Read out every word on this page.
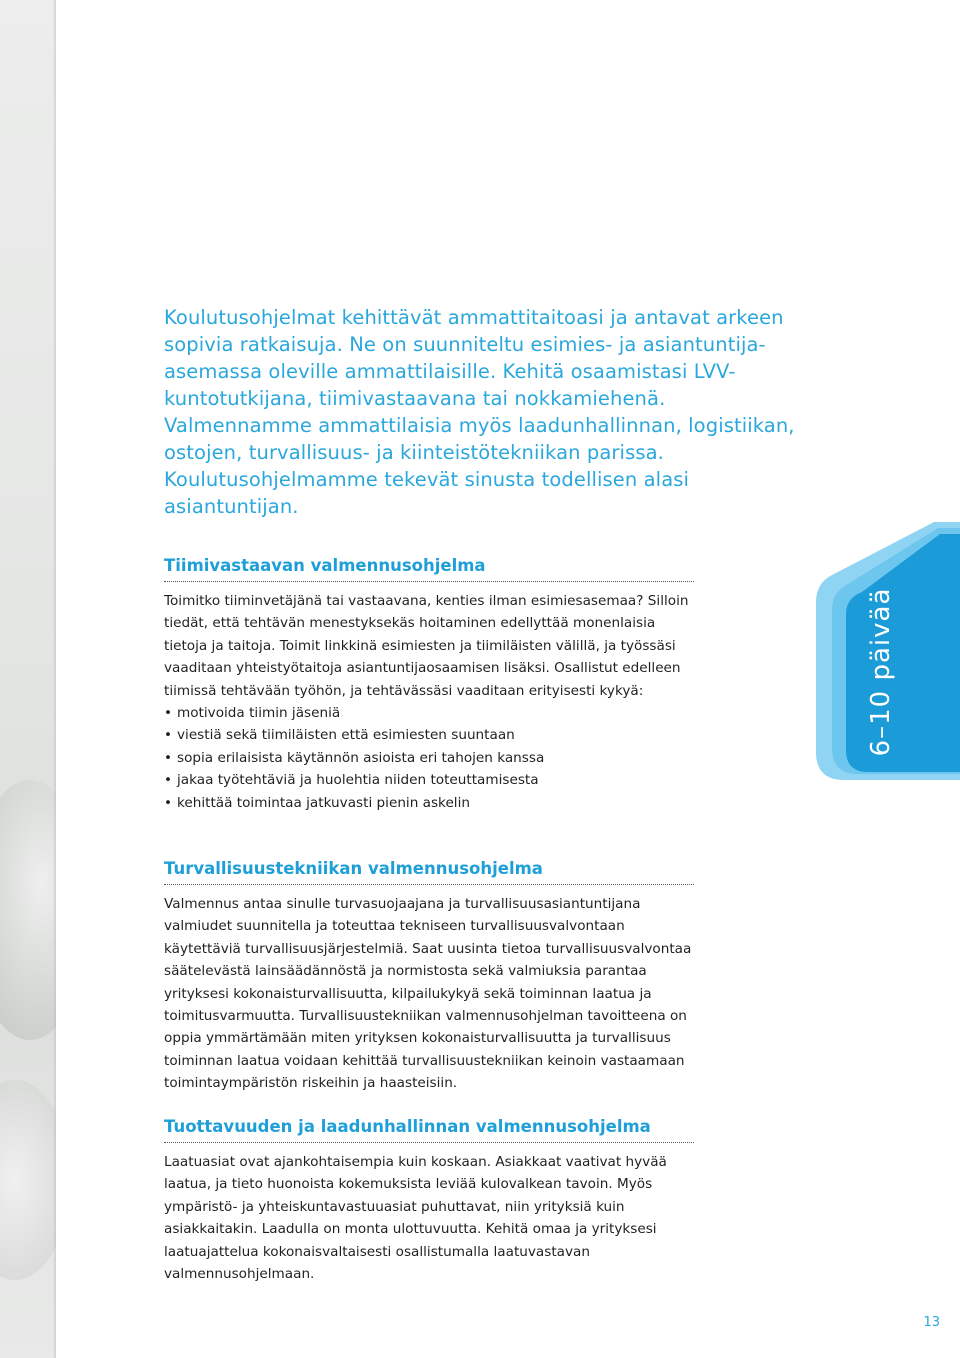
Koulutusohjelmat kehittävät ammattitaitoasi ja antavat arkeen sopivia ratkaisuja. Ne on suunniteltu esimies- ja asiantuntija-asemassa oleville ammattilaisille. Kehitä osaamistasi LVV-kuntotutkijana, tiimivastaavana tai nokkamiehenä. Valmennamme ammattilaisia myös laadunhallinnan, logistiikan, ostojen, turvallisuus- ja kiinteistötekniikan parissa. Koulutusohjelmamme tekevät sinusta todellisen alasi asiantuntijan.

Tiimivastaavan valmennusohjelma
Toimitko tiiminvetäjänä tai vastaavana, kenties ilman esimiesasemaa? Silloin tiedät, että tehtävän menestyksekäs hoitaminen edellyttää monenlaisia tietoja ja taitoja. Toimit linkkinä esimiesten ja tiimiläisten välillä, ja työssäsi vaaditaan yhteistyötaitoja asiantuntijaosaamisen lisäksi. Osallistut edelleen tiimissä tehtävään työhön, ja tehtävässäsi vaaditaan erityisesti kykyä:
• motivoida tiimin jäseniä
• viestiä sekä tiimiläisten että esimiesten suuntaan
• sopia erilaisista käytännön asioista eri tahojen kanssa
• jakaa työtehtäviä ja huolehtia niiden toteuttamisesta
• kehittää toimintaa jatkuvasti pienin askelin
Turvallisuustekniikan valmennusohjelma
Valmennus antaa sinulle turvasuojaajana ja turvallisuusasiantuntijana valmiudet suunnitella ja toteuttaa tekniseen turvallisuusvalvontaan käytettäviä turvallisuusjärjestelmiä. Saat uusinta tietoa turvallisuusvalvontaa säätelevästä lainsäädännöstä ja normistosta sekä valmiuksia parantaa yrityksesi kokonaisturvallisuutta, kilpailukykyä sekä toiminnan laatua ja toimitusvarmuutta. Turvallisuustekniikan valmennusohjelman tavoitteena on oppia ymmärtämään miten yrityksen kokonaisturvallisuutta ja turvallisuus toiminnan laatua voidaan kehittää turvallisuustekniikan keinoin vastaamaan toimintaympäristön riskeihin ja haasteisiin.
Tuottavuuden ja laadunhallinnan valmennusohjelma
Laatuasiat ovat ajankohtaisempia kuin koskaan. Asiakkaat vaativat hyvää laatua, ja tieto huonoista kokemuksista leviää kulovalkean tavoin. Myös ympäristö- ja yhteiskuntavastuuasiat puhuttavat, niin yrityksiä kuin asiakkaitakin. Laadulla on monta ulottuvuutta. Kehitä omaa ja yrityksesi laatuajattelua kokonaisvaltaisesti osallistumalla laatuvastavan valmennusohjelmaan.
6–10 päivää
13
